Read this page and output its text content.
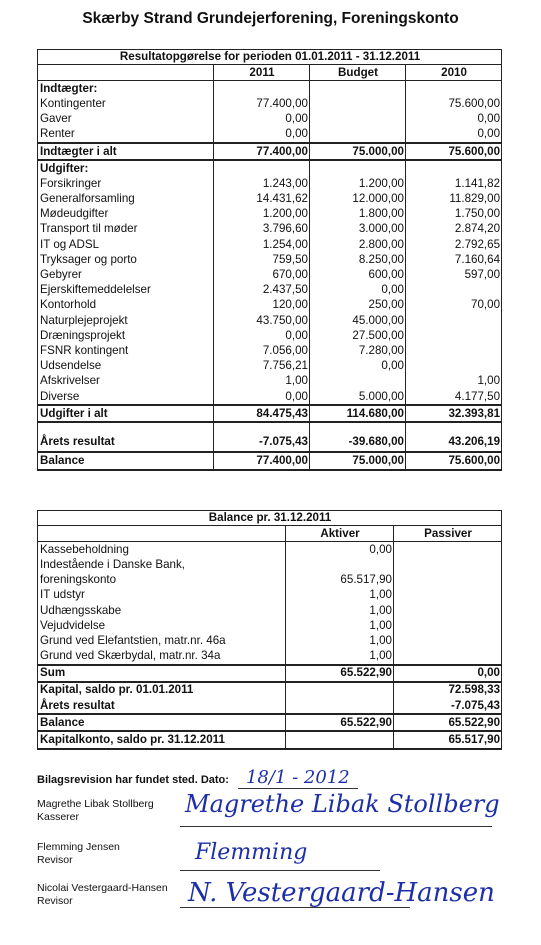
Skærby Strand Grundejerforening, Foreningskonto
Resultatopgørelse for perioden 01.01.2011 - 31.12.2011			
	2011	Budget	2010
Indtægter:			
Kontingenter	77.400,00		75.600,00
Gaver	0,00		0,00
Renter	0,00		0,00
Indtægter i alt	77.400,00	75.000,00	75.600,00
Udgifter:			
Forsikringer	1.243,00	1.200,00	1.141,82
Generalforsamling	14.431,62	12.000,00	11.829,00
Mødeudgifter	1.200,00	1.800,00	1.750,00
Transport til møder	3.796,60	3.000,00	2.874,20
IT og ADSL	1.254,00	2.800,00	2.792,65
Tryksager og porto	759,50	8.250,00	7.160,64
Gebyrer	670,00	600,00	597,00
Ejerskiftemeddelelser	2.437,50	0,00	
Kontorhold	120,00	250,00	70,00
Naturplejeprojekt	43.750,00	45.000,00	
Dræningsprojekt	0,00	27.500,00	
FSNR kontingent	7.056,00	7.280,00	
Udsendelse	7.756,21	0,00	
Afskrivelser	1,00		1,00
Diverse	0,00	5.000,00	4.177,50
Udgifter i alt	84.475,43	114.680,00	32.393,81

Årets resultat	-7.075,43	-39.680,00	43.206,19
Balance	77.400,00	75.000,00	75.600,00
Balance pr. 31.12.2011		
	Aktiver	Passiver
Kassebeholdning	0,00	
Indestående i Danske Bank,		
foreningskonto	65.517,90	
IT udstyr	1,00	
Udhængsskabe	1,00	
Vejudvidelse	1,00	
Grund ved Elefantstien, matr.nr. 46a	1,00	
Grund ved Skærbydal, matr.nr. 34a	1,00	
Sum	65.522,90	0,00
Kapital, saldo pr. 01.01.2011		72.598,33
Årets resultat		-7.075,43
Balance	65.522,90	65.522,90
Kapitalkonto, saldo pr. 31.12.2011		65.517,90
Bilagsrevision har fundet sted. Dato: 18/1 - 2012
Magrethe Libak Stollberg
Kasserer	Magrethe Libak Stollberg
Flemming Jensen
Revisor	Flemming
Nicolai Vestergaard-Hansen
Revisor	N. Vestergaard-Hansen
